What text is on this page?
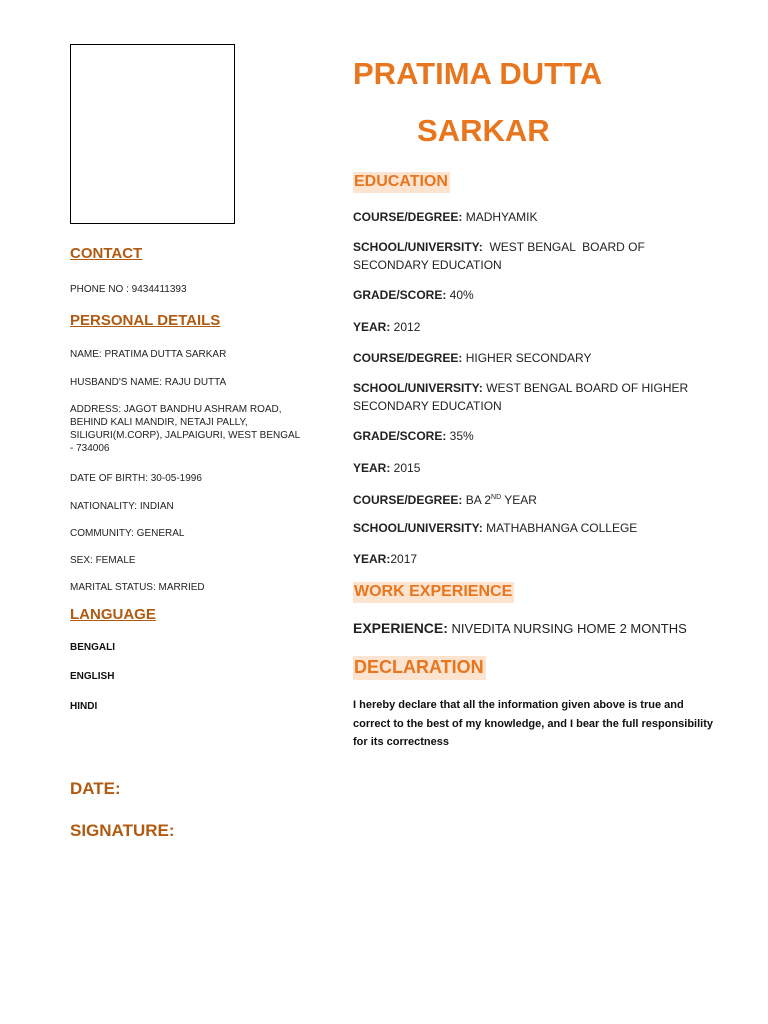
PRATIMA DUTTA
SARKAR
CONTACT
PHONE NO : 9434411393
PERSONAL DETAILS
NAME: PRATIMA DUTTA SARKAR
HUSBAND'S NAME: RAJU DUTTA
ADDRESS: JAGOT BANDHU ASHRAM ROAD, BEHIND KALI MANDIR, NETAJI PALLY, SILIGURI(M.CORP), JALPAIGURI, WEST BENGAL - 734006
DATE OF BIRTH: 30-05-1996
NATIONALITY: INDIAN
COMMUNITY: GENERAL
SEX: FEMALE
MARITAL STATUS: MARRIED
LANGUAGE
BENGALI
ENGLISH
HINDI
EDUCATION
COURSE/DEGREE: MADHYAMIK
SCHOOL/UNIVERSITY:  WEST BENGAL  BOARD OF SECONDARY EDUCATION
GRADE/SCORE: 40%
YEAR: 2012
COURSE/DEGREE: HIGHER SECONDARY
SCHOOL/UNIVERSITY: WEST BENGAL BOARD OF HIGHER SECONDARY EDUCATION
GRADE/SCORE: 35%
YEAR: 2015
COURSE/DEGREE: BA 2ND YEAR
SCHOOL/UNIVERSITY: MATHABHANGA COLLEGE
YEAR:2017
WORK EXPERIENCE
EXPERIENCE: NIVEDITA NURSING HOME 2 MONTHS
DECLARATION
I hereby declare that all the information given above is true and correct to the best of my knowledge, and I bear the full responsibility for its correctness
DATE:
SIGNATURE:
